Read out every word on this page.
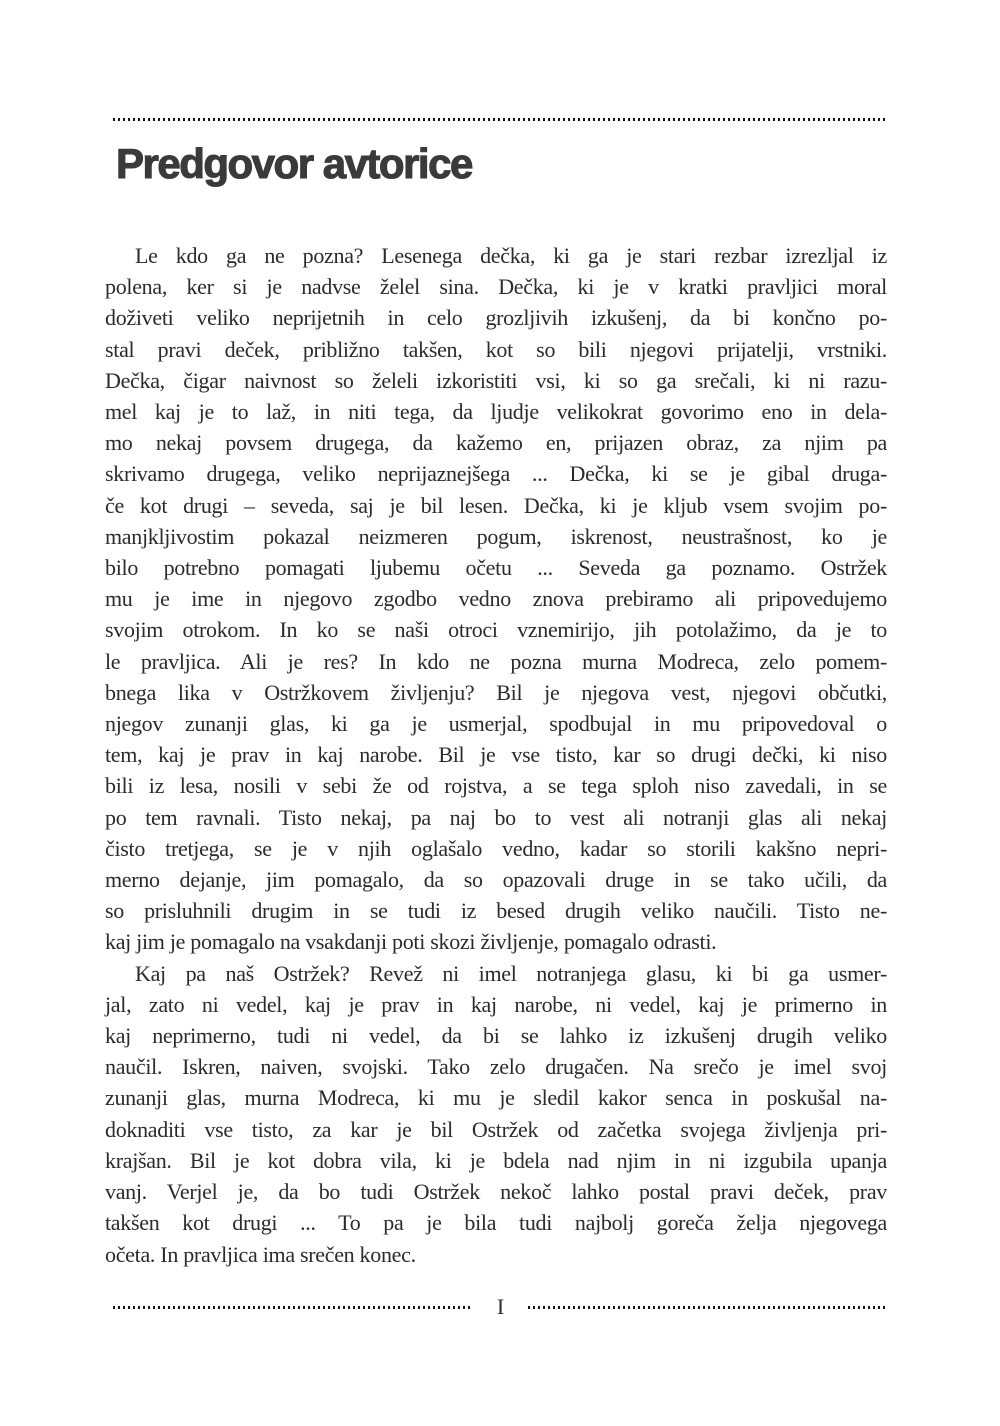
Predgovor avtorice
Le kdo ga ne pozna? Lesenega dečka, ki ga je stari rezbar izrezljal iz
polena, ker si je nadvse želel sina. Dečka, ki je v kratki pravljici moral
doživeti veliko neprijetnih in celo grozljivih izkušenj, da bi končno po-
stal pravi deček, približno takšen, kot so bili njegovi prijatelji, vrstniki.
Dečka, čigar naivnost so želeli izkoristiti vsi, ki so ga srečali, ki ni razu-
mel kaj je to laž, in niti tega, da ljudje velikokrat govorimo eno in dela-
mo nekaj povsem drugega, da kažemo en, prijazen obraz, za njim pa
skrivamo drugega, veliko neprijaznejšega ... Dečka, ki se je gibal druga-
če kot drugi – seveda, saj je bil lesen. Dečka, ki je kljub vsem svojim po-
manjkljivostim pokazal neizmeren pogum, iskrenost, neustrašnost, ko je
bilo potrebno pomagati ljubemu očetu ... Seveda ga poznamo. Ostržek
mu je ime in njegovo zgodbo vedno znova prebiramo ali pripovedujemo
svojim otrokom. In ko se naši otroci vznemirijo, jih potolažimo, da je to
le pravljica. Ali je res? In kdo ne pozna murna Modreca, zelo pomem-
bnega lika v Ostržkovem življenju? Bil je njegova vest, njegovi občutki,
njegov zunanji glas, ki ga je usmerjal, spodbujal in mu pripovedoval o
tem, kaj je prav in kaj narobe. Bil je vse tisto, kar so drugi dečki, ki niso
bili iz lesa, nosili v sebi že od rojstva, a se tega sploh niso zavedali, in se
po tem ravnali. Tisto nekaj, pa naj bo to vest ali notranji glas ali nekaj
čisto tretjega, se je v njih oglašalo vedno, kadar so storili kakšno nepri-
merno dejanje, jim pomagalo, da so opazovali druge in se tako učili, da
so prisluhnili drugim in se tudi iz besed drugih veliko naučili. Tisto ne-
kaj jim je pomagalo na vsakdanji poti skozi življenje, pomagalo odrasti.
Kaj pa naš Ostržek? Revež ni imel notranjega glasu, ki bi ga usmer-
jal, zato ni vedel, kaj je prav in kaj narobe, ni vedel, kaj je primerno in
kaj neprimerno, tudi ni vedel, da bi se lahko iz izkušenj drugih veliko
naučil. Iskren, naiven, svojski. Tako zelo drugačen. Na srečo je imel svoj
zunanji glas, murna Modreca, ki mu je sledil kakor senca in poskušal na-
doknaditi vse tisto, za kar je bil Ostržek od začetka svojega življenja pri-
krajšan. Bil je kot dobra vila, ki je bdela nad njim in ni izgubila upanja
vanj. Verjel je, da bo tudi Ostržek nekoč lahko postal pravi deček, prav
takšen kot drugi ... To pa je bila tudi najbolj goreča želja njegovega
očeta. In pravljica ima srečen konec.
I
